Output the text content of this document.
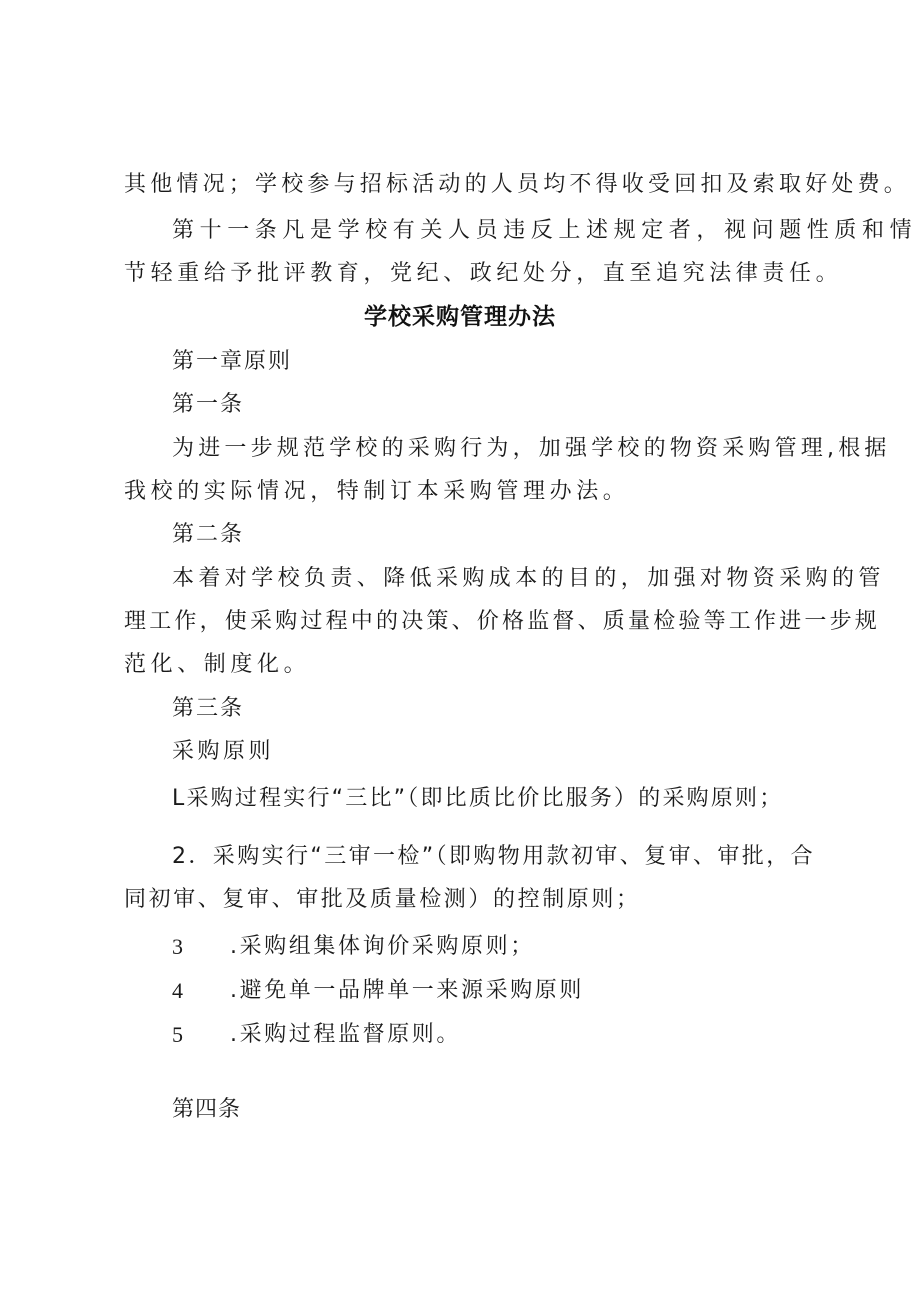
其他情况；学校参与招标活动的人员均不得收受回扣及索取好处费。
第十一条凡是学校有关人员违反上述规定者，视问题性质和情
节轻重给予批评教育，党纪、政纪处分，直至追究法律责任。
学校采购管理办法
第一章原则
第一条
为进一步规范学校的采购行为，加强学校的物资采购管理,根据
我校的实际情况，特制订本采购管理办法。
第二条
本着对学校负责、降低采购成本的目的，加强对物资采购的管
理工作，使采购过程中的决策、价格监督、质量检验等工作进一步规
范化、制度化。
第三条
采购原则
L采购过程实行“三比”（即比质比价比服务）的采购原则；
2．采购实行“三审一检”（即购物用款初审、复审、审批，合
同初审、复审、审批及质量检测）的控制原则；
3 .采购组集体询价采购原则；
4 .避免单一品牌单一来源采购原则
5 .采购过程监督原则。
第四条
